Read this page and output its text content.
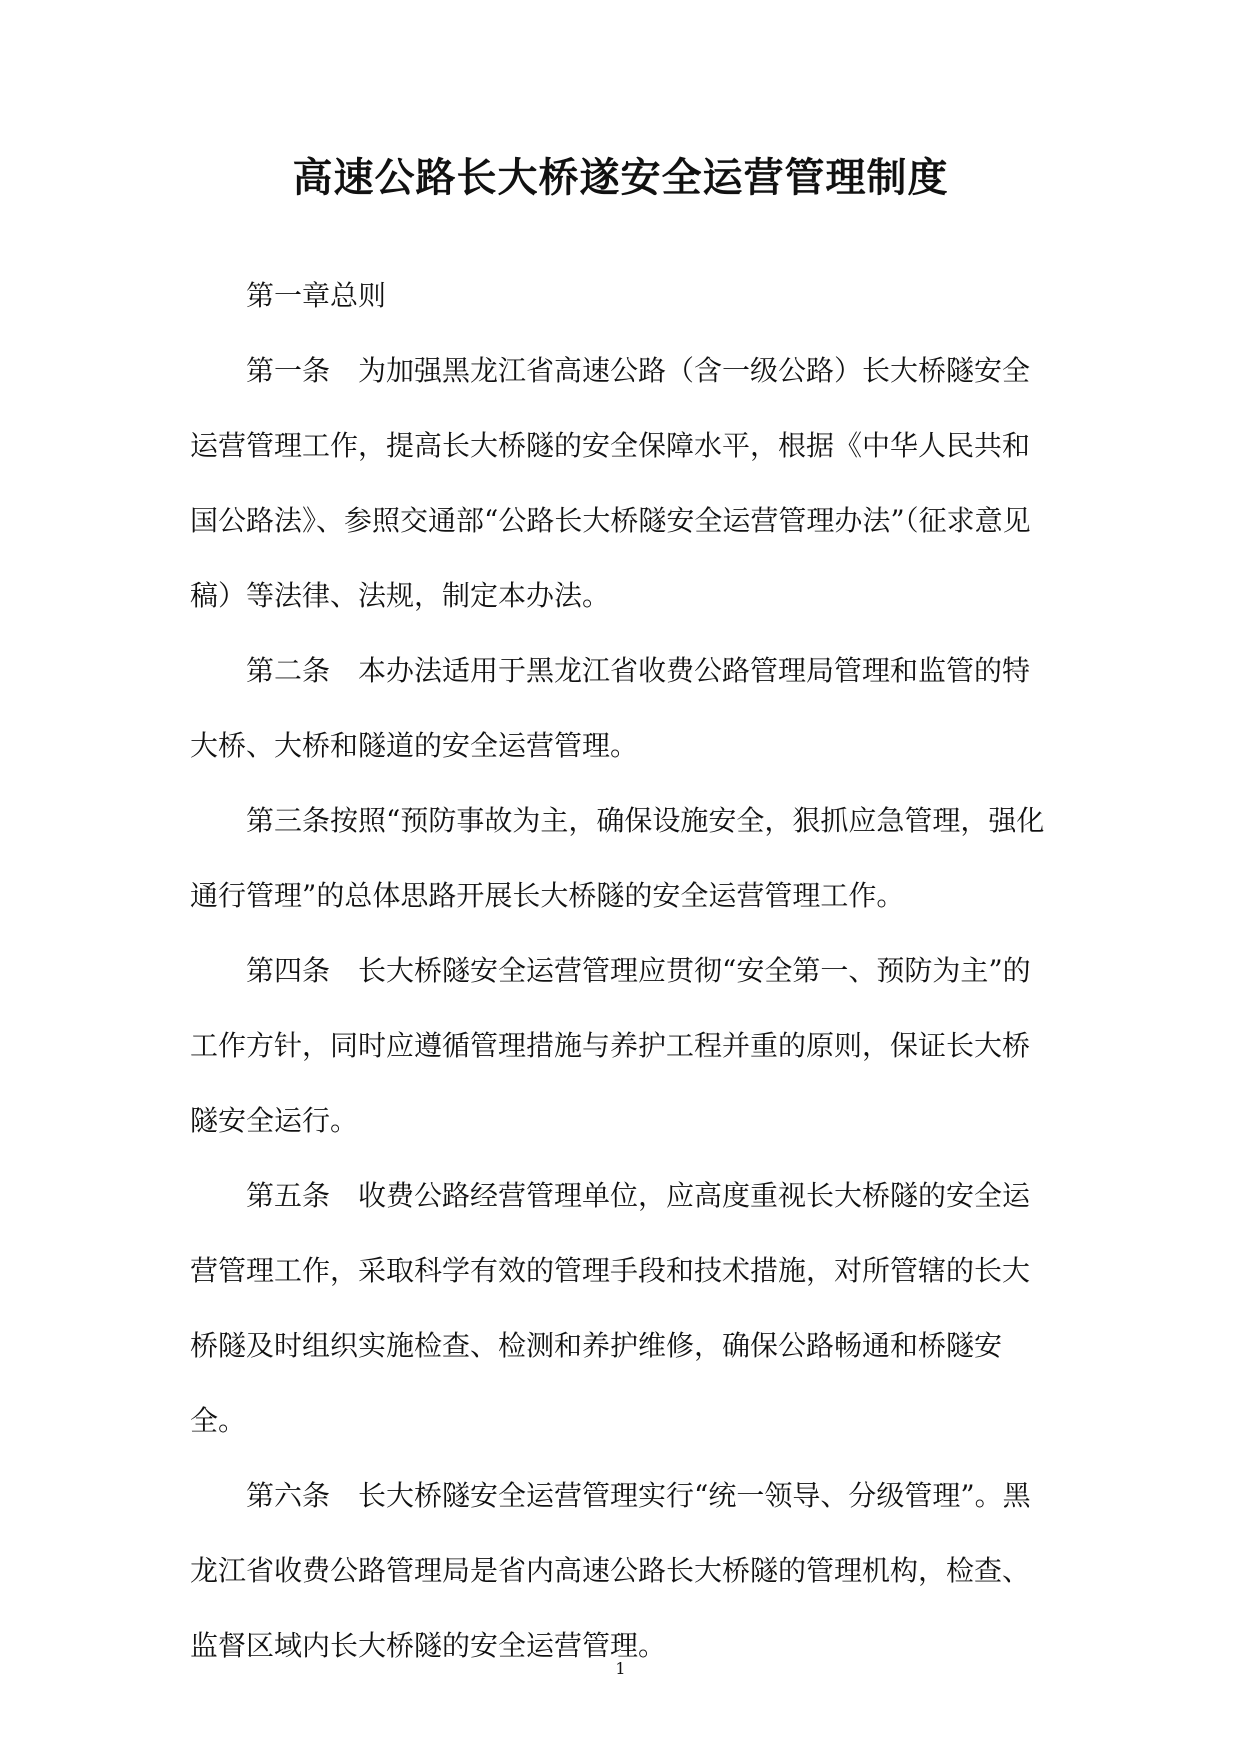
高速公路长大桥遂安全运营管理制度

第一章总则

第一条　为加强黑龙江省高速公路（含一级公路）长大桥隧安全运营管理工作，提高长大桥隧的安全保障水平，根据《中华人民共和国公路法》、参照交通部“公路长大桥隧安全运营管理办法”（征求意见稿）等法律、法规，制定本办法。

第二条　本办法适用于黑龙江省收费公路管理局管理和监管的特大桥、大桥和隧道的安全运营管理。

第三条按照“预防事故为主，确保设施安全，狠抓应急管理，强化通行管理”的总体思路开展长大桥隧的安全运营管理工作。

第四条　长大桥隧安全运营管理应贯彻“安全第一、预防为主”的工作方针，同时应遵循管理措施与养护工程并重的原则，保证长大桥隧安全运行。

第五条　收费公路经营管理单位，应高度重视长大桥隧的安全运营管理工作，采取科学有效的管理手段和技术措施，对所管辖的长大桥隧及时组织实施检查、检测和养护维修，确保公路畅通和桥隧安全。

第六条　长大桥隧安全运营管理实行“统一领导、分级管理”。黑龙江省收费公路管理局是省内高速公路长大桥隧的管理机构，检查、监督区域内长大桥隧的安全运营管理。

1
